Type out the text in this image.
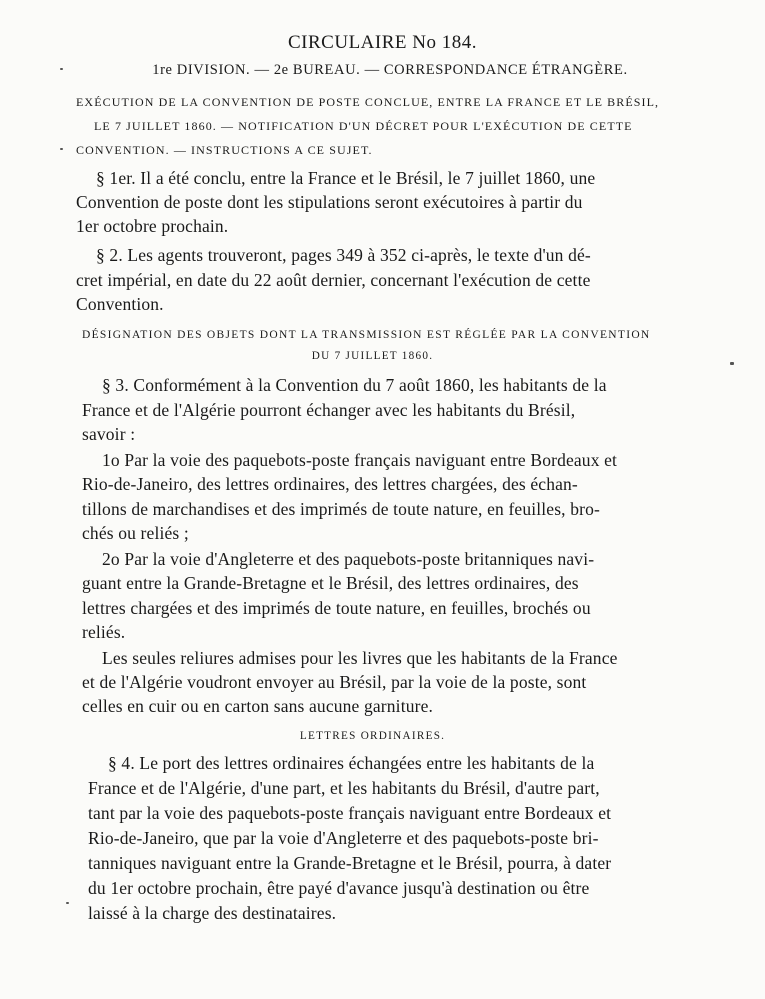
CIRCULAIRE No 184.
1re DIVISION. — 2e BUREAU. — CORRESPONDANCE ÉTRANGÈRE.
EXÉCUTION DE LA CONVENTION DE POSTE CONCLUE, ENTRE LA FRANCE ET LE BRÉSIL,
LE 7 JUILLET 1860. — NOTIFICATION D'UN DÉCRET POUR L'EXÉCUTION DE CETTE
CONVENTION. — INSTRUCTIONS A CE SUJET.
§ 1er. Il a été conclu, entre la France et le Brésil, le 7 juillet 1860, une
Convention de poste dont les stipulations seront exécutoires à partir du
1er octobre prochain.
§ 2. Les agents trouveront, pages 349 à 352 ci-après, le texte d'un dé-
cret impérial, en date du 22 août dernier, concernant l'exécution de cette
Convention.
DÉSIGNATION DES OBJETS DONT LA TRANSMISSION EST RÉGLÉE PAR LA CONVENTION
DU 7 JUILLET 1860.
§ 3. Conformément à la Convention du 7 août 1860, les habitants de la
France et de l'Algérie pourront échanger avec les habitants du Brésil,
savoir :
1o Par la voie des paquebots-poste français naviguant entre Bordeaux et
Rio-de-Janeiro, des lettres ordinaires, des lettres chargées, des échan-
tillons de marchandises et des imprimés de toute nature, en feuilles, bro-
chés ou reliés ;
2o Par la voie d'Angleterre et des paquebots-poste britanniques navi-
guant entre la Grande-Bretagne et le Brésil, des lettres ordinaires, des
lettres chargées et des imprimés de toute nature, en feuilles, brochés ou
reliés.
Les seules reliures admises pour les livres que les habitants de la France
et de l'Algérie voudront envoyer au Brésil, par la voie de la poste, sont
celles en cuir ou en carton sans aucune garniture.
LETTRES ORDINAIRES.
§ 4. Le port des lettres ordinaires échangées entre les habitants de la
France et de l'Algérie, d'une part, et les habitants du Brésil, d'autre part,
tant par la voie des paquebots-poste français naviguant entre Bordeaux et
Rio-de-Janeiro, que par la voie d'Angleterre et des paquebots-poste bri-
tanniques naviguant entre la Grande-Bretagne et le Brésil, pourra, à dater
du 1er octobre prochain, être payé d'avance jusqu'à destination ou être
laissé à la charge des destinataires.
